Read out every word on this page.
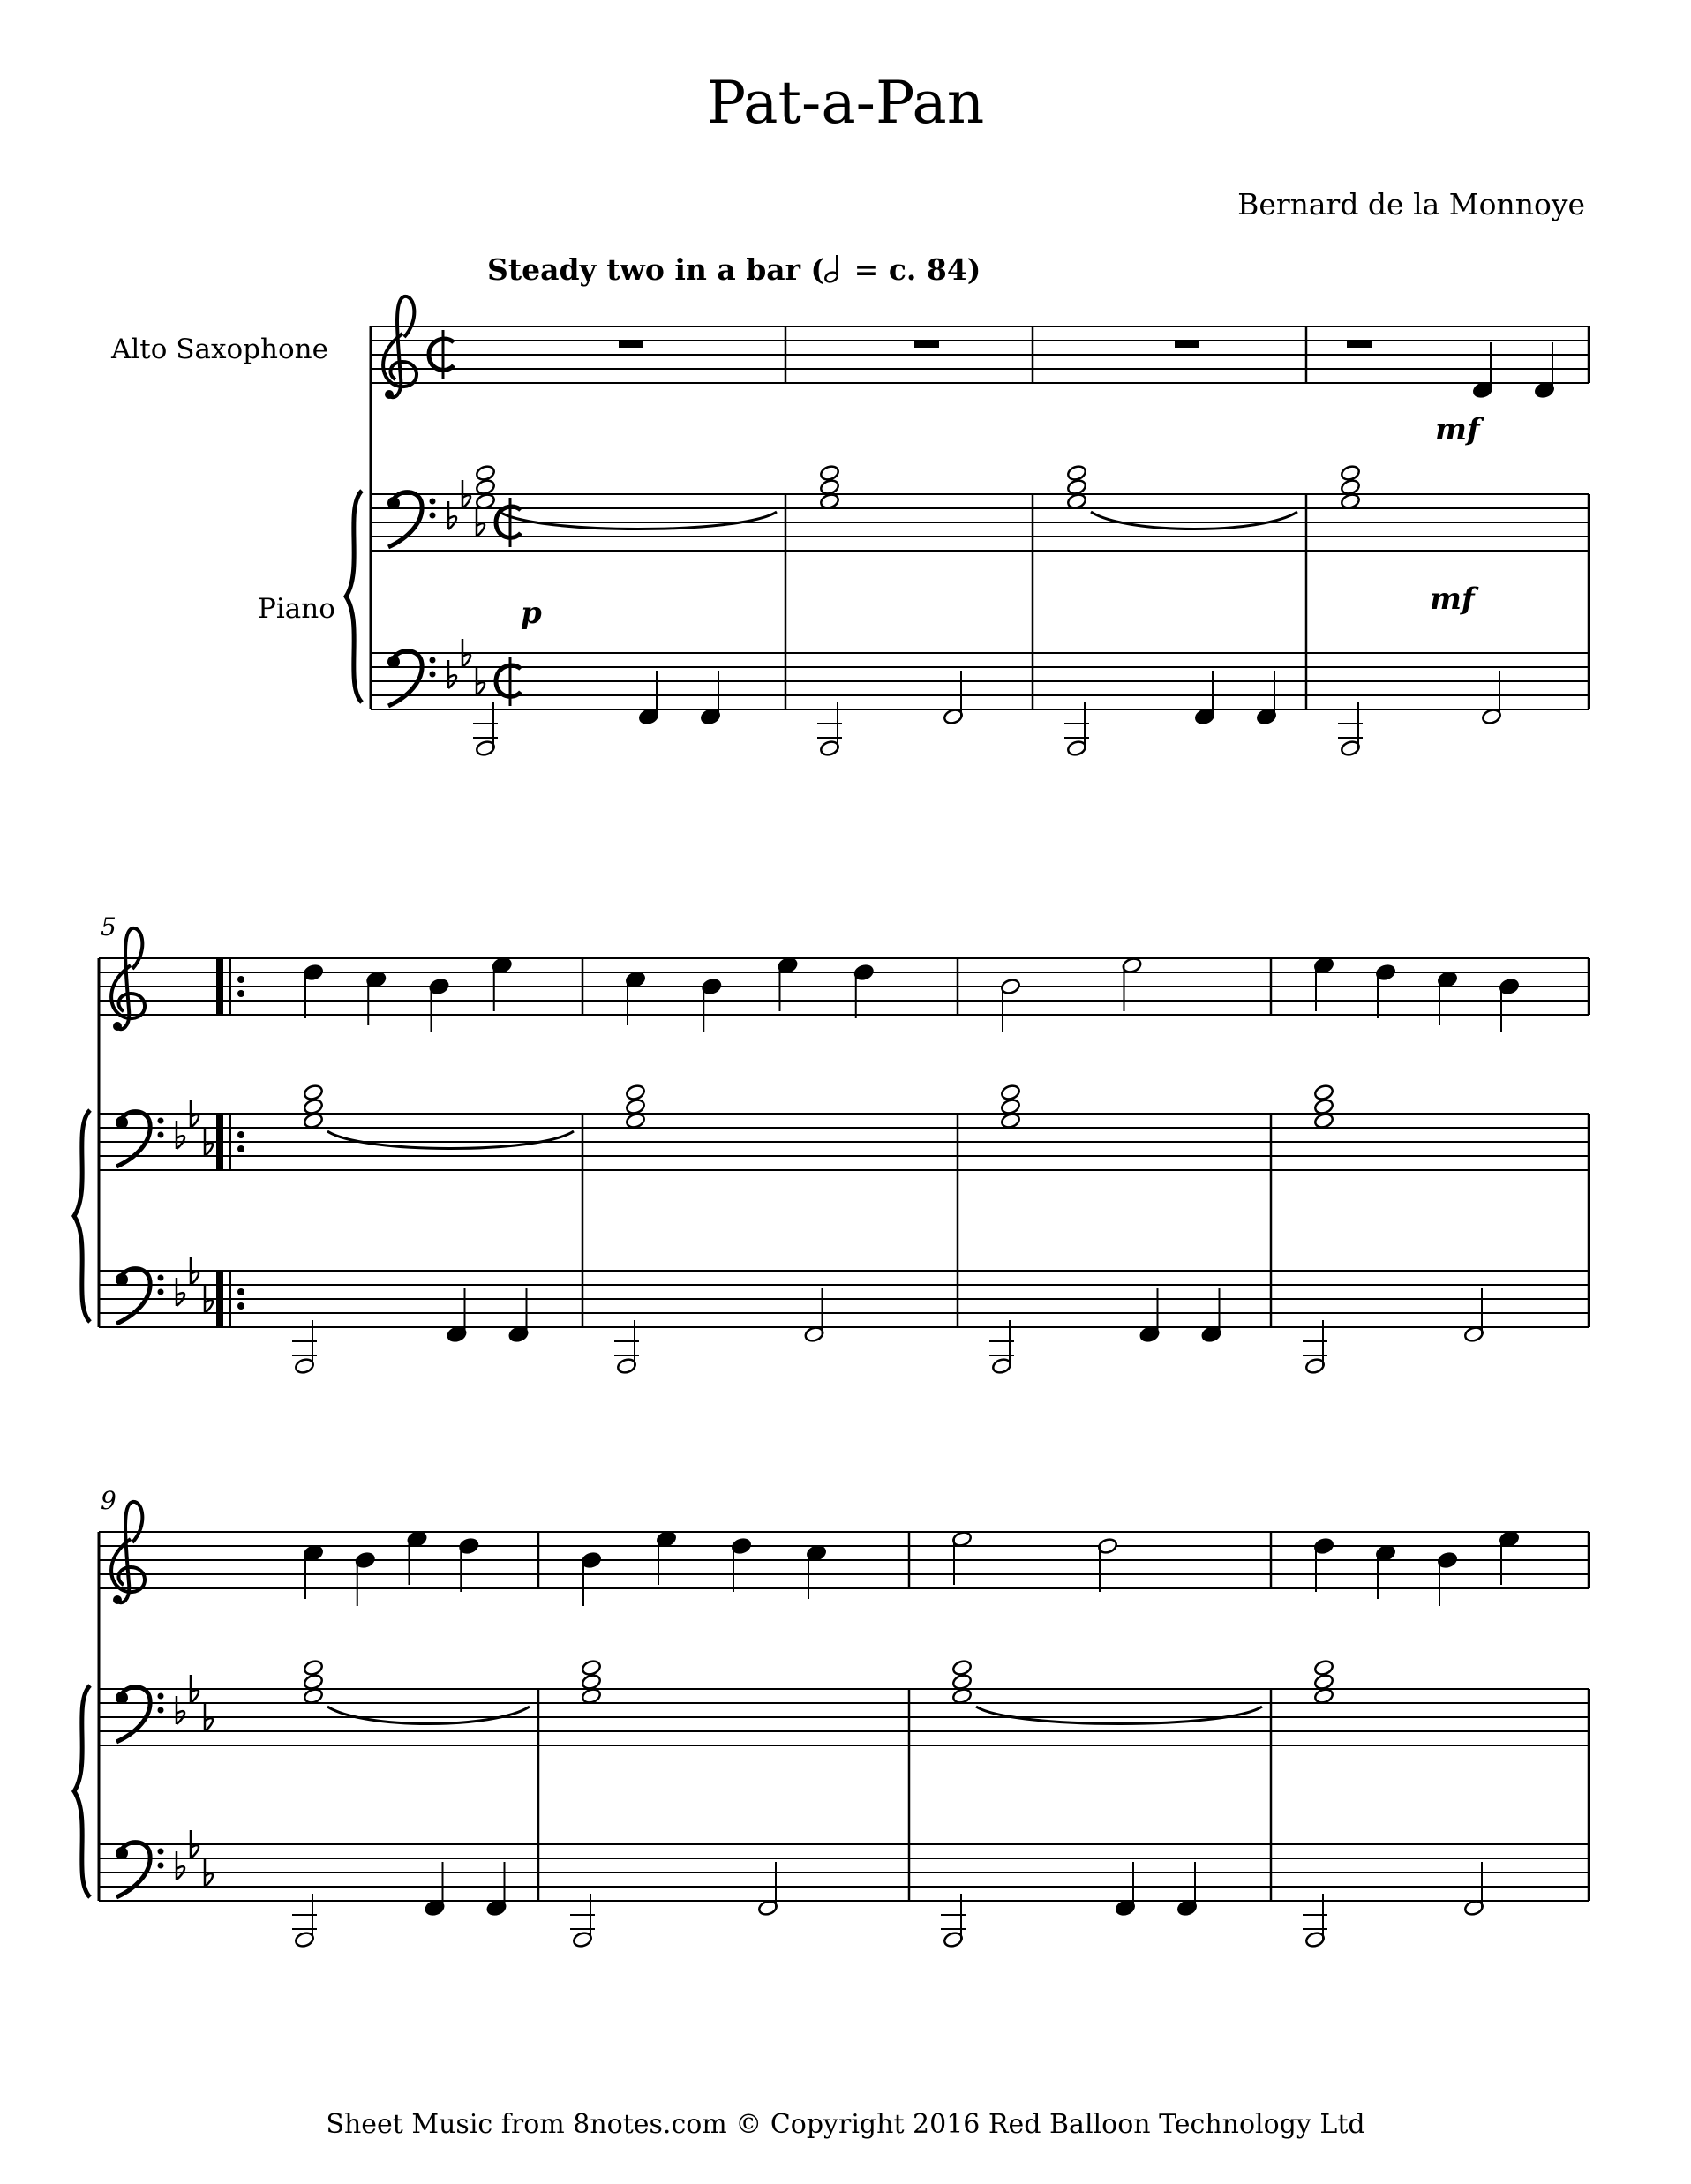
Pat-a-Pan
Bernard de la Monnoye
Steady two in a bar ( = c. 84)
Alto Saxophone
Piano
Sheet Music from 8notes.com © Copyright 2016 Red Balloon Technology Ltd
p	mf
mf
5
9
